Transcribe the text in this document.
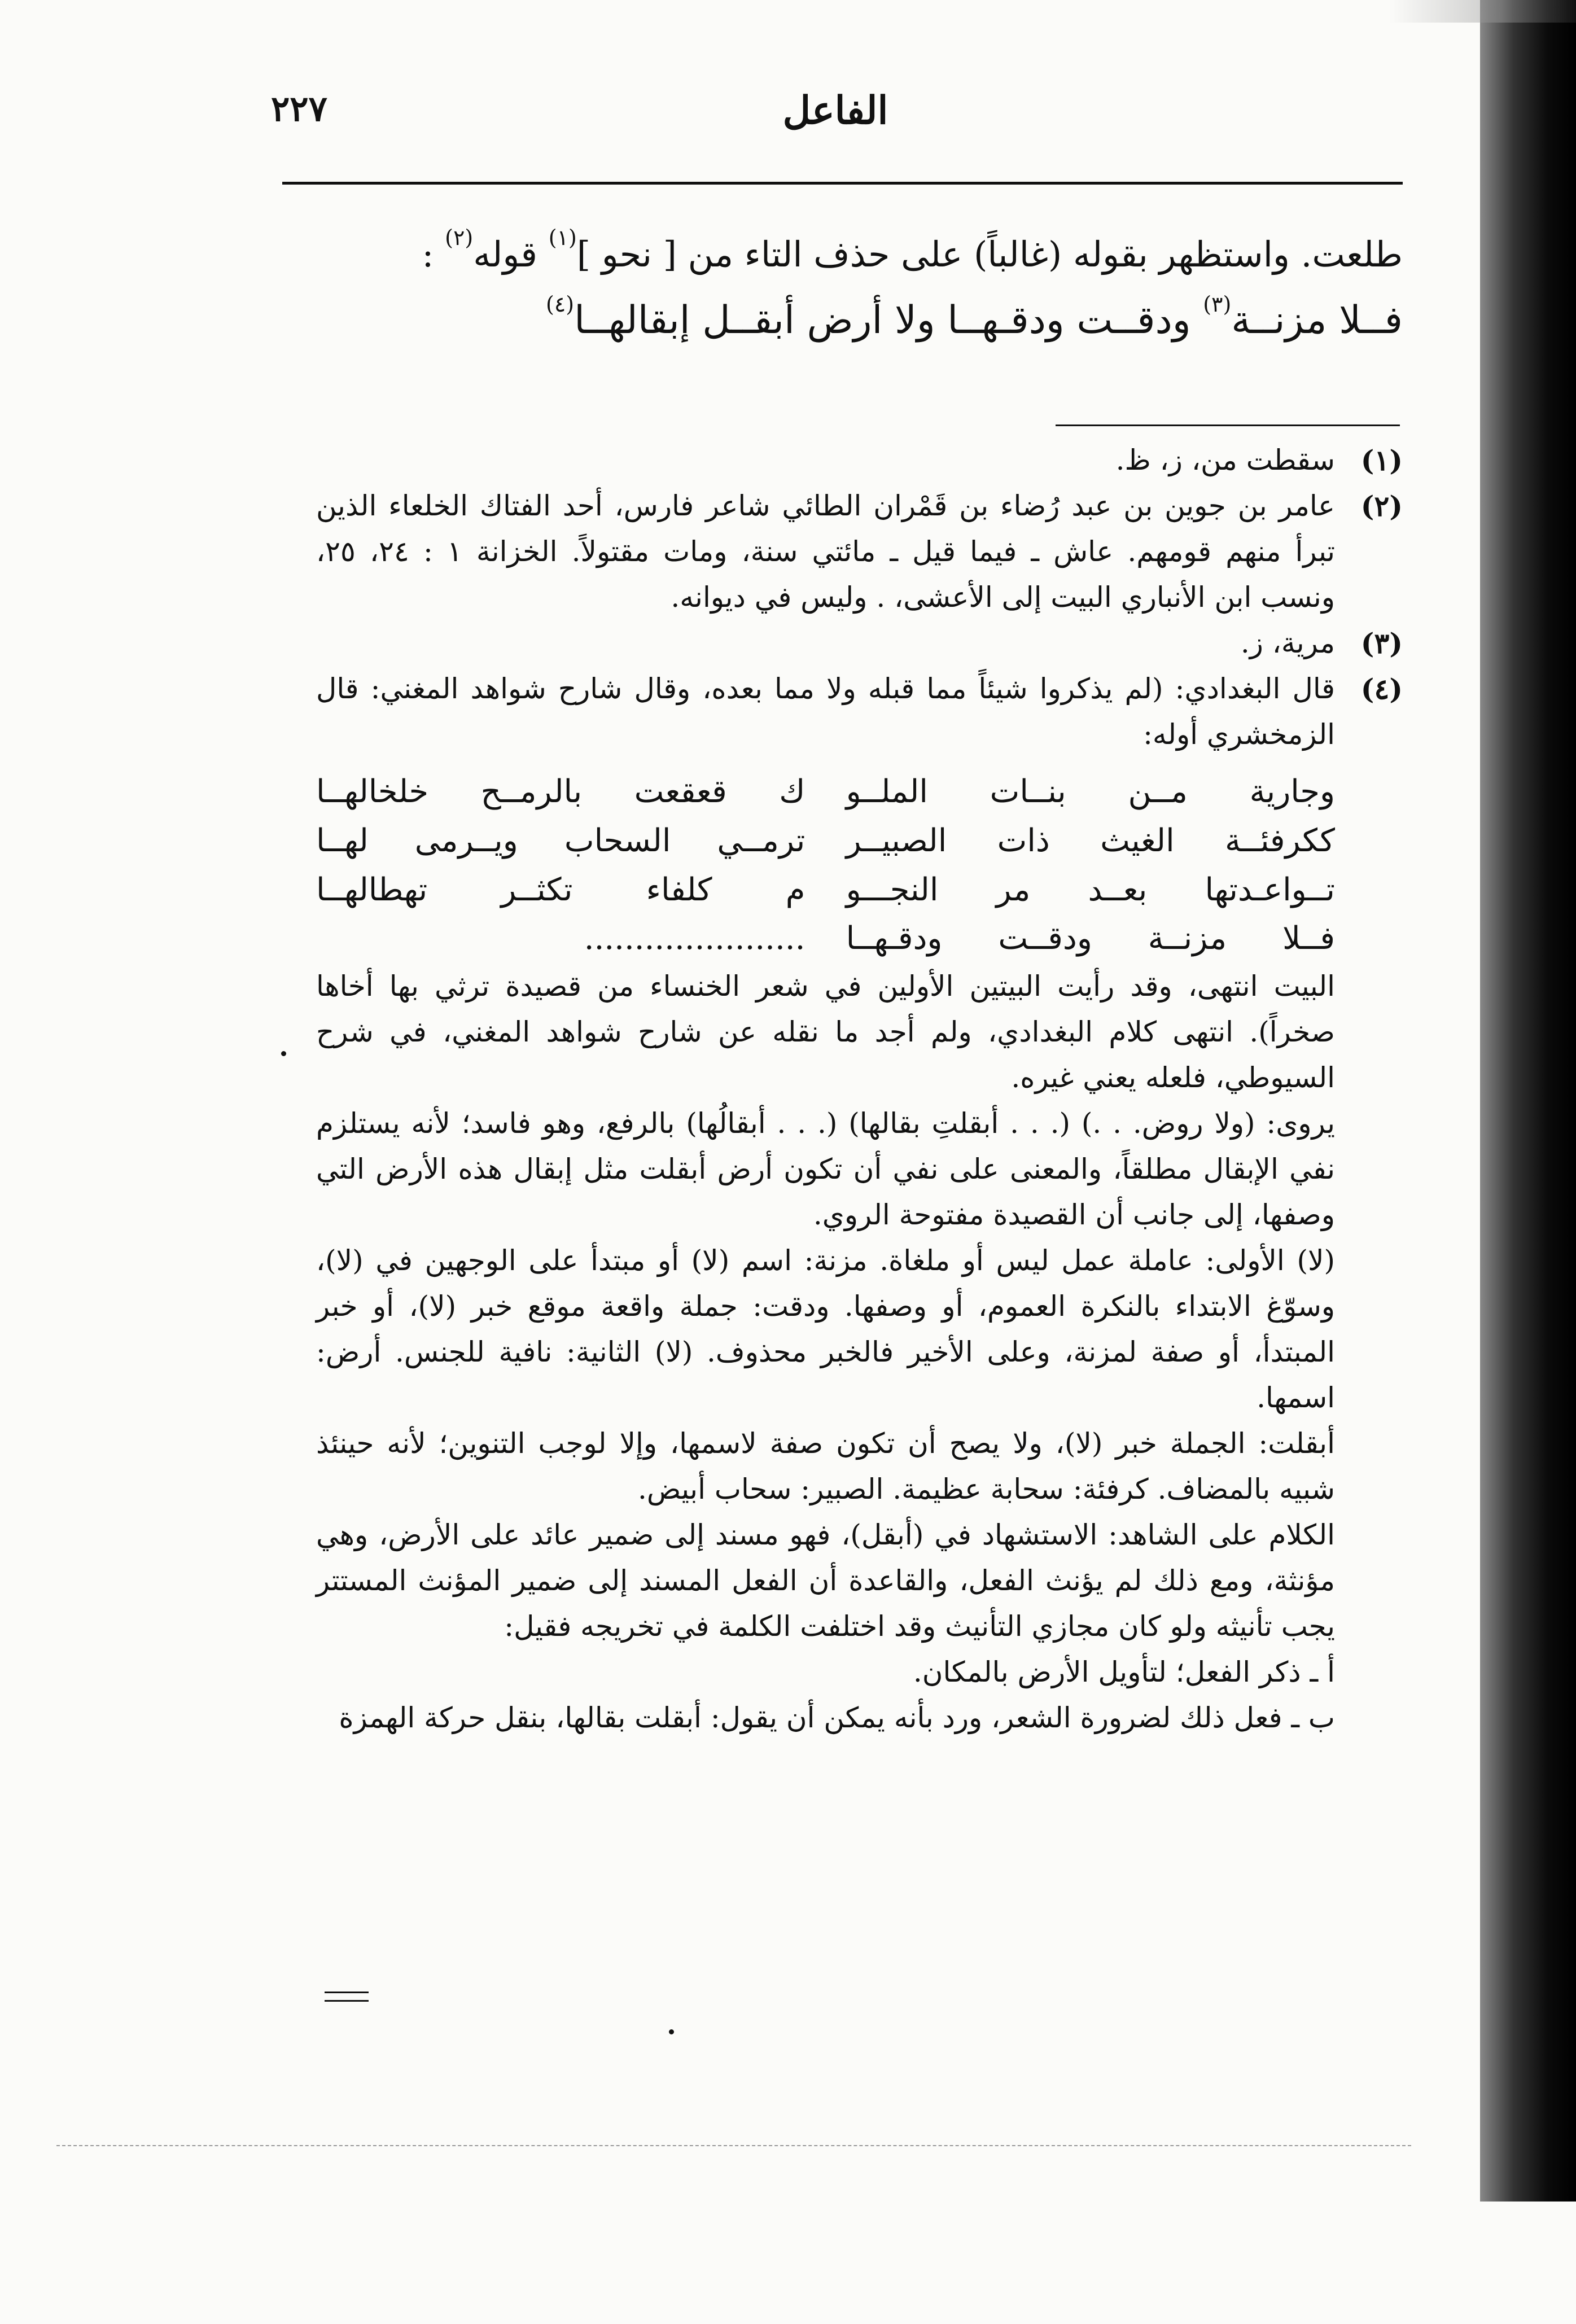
٢٢٧	الفاعل

طلعت. واستظهر بقوله (غالباً) على حذف التاء من [ نحو ]$^{(١)}$ قوله$^{(٢)}$ :

فــلا مزنــة$^{(٣)}$ ودقــت ودقـهــا ولا أرض أبقــل إبقالهــا$^{(٤)}$

(١)
سقطت من، ز، ظ.
(٢)
عامر بن جوين بن عبد رُضاء بن قَمْران الطائي شاعر فارس، أحد الفتاك الخلعاء الذين تبرأ منهم قومهم. عاش ـ فيما قيل ـ مائتي سنة، ومات مقتولاً. الخزانة ١ : ٢٤، ٢٥، ونسب ابن الأنباري البيت إلى الأعشى، . وليس في ديوانه.
(٣)
مرية، ز.
(٤)

قال البغدادي: (لم يذكروا شيئاً مما قبله ولا مما بعده، وقال شارح شواهد المغني: قال الزمخشري أوله:

وجارية مــن بنــات الملــو
ك قعقعت بالرمــح خلخالهــا
ككرفئــة الغيث ذات الصبيــر
ترمــي السحاب ويــرمى لهــا
تــواعـدتها بعــد مر النجـــو
م كلفاء تكثــر تهطالهــا
فــلا مزنــة ودقــت ودقـهــا
......................

البيت انتهى، وقد رأيت البيتين الأولين في شعر الخنساء من قصيدة ترثي بها أخاها صخراً). انتهى كلام البغدادي، ولم أجد ما نقله عن شارح شواهد المغني، في شرح السيوطي، فلعله يعني غيره.

يروى: (ولا روض. . .) (. . . أبقلتِ بقالها) (. . . أبقالُها) بالرفع، وهو فاسد؛ لأنه يستلزم نفي الإبقال مطلقاً، والمعنى على نفي أن تكون أرض أبقلت مثل إبقال هذه الأرض التي وصفها، إلى جانب أن القصيدة مفتوحة الروي.

(لا) الأولى: عاملة عمل ليس أو ملغاة. مزنة: اسم (لا) أو مبتدأ على الوجهين في (لا)، وسوّغ الابتداء بالنكرة العموم، أو وصفها. ودقت: جملة واقعة موقع خبر (لا)، أو خبر المبتدأ، أو صفة لمزنة، وعلى الأخير فالخبر محذوف. (لا) الثانية: نافية للجنس. أرض: اسمها.

أبقلت: الجملة خبر (لا)، ولا يصح أن تكون صفة لاسمها، وإلا لوجب التنوين؛ لأنه حينئذ شبيه بالمضاف. كرفئة: سحابة عظيمة. الصبير: سحاب أبيض.

الكلام على الشاهد: الاستشهاد في (أبقل)، فهو مسند إلى ضمير عائد على الأرض، وهي مؤنثة، ومع ذلك لم يؤنث الفعل، والقاعدة أن الفعل المسند إلى ضمير المؤنث المستتر يجب تأنيثه ولو كان مجازي التأنيث وقد اختلفت الكلمة في تخريجه فقيل:

أ ـ ذكر الفعل؛ لتأويل الأرض بالمكان.

ب ـ فعل ذلك لضرورة الشعر، ورد بأنه يمكن أن يقول: أبقلت بقالها، بنقل حركة الهمزة
